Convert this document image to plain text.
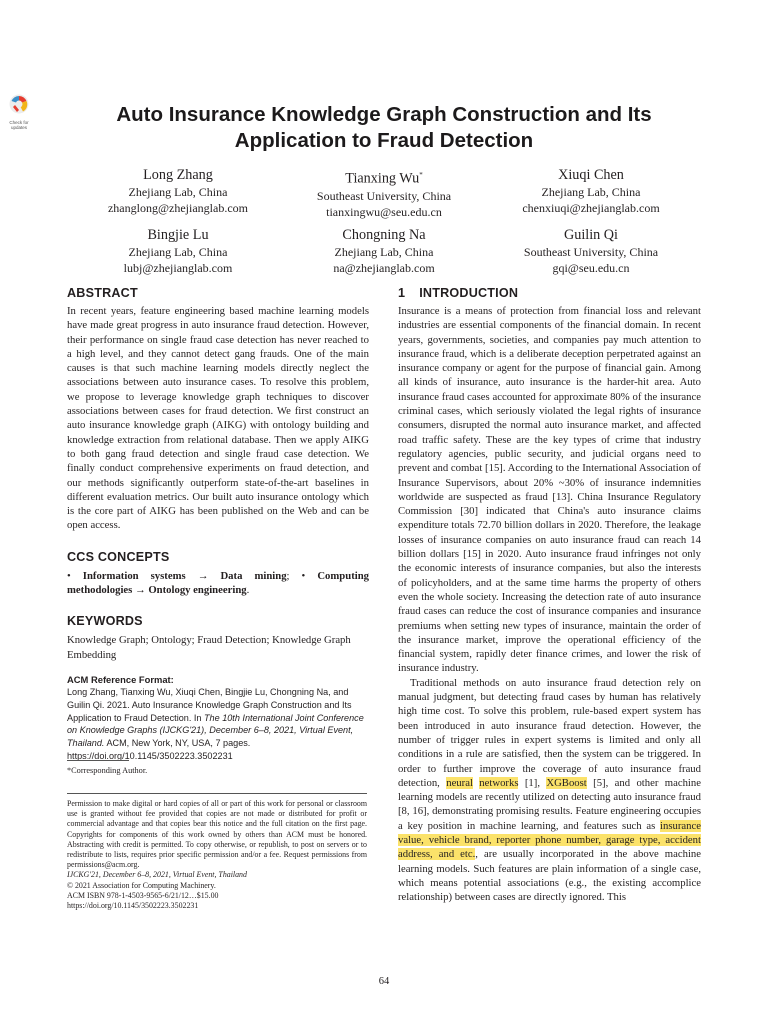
Check for
updates
Auto Insurance Knowledge Graph Construction and Its
Application to Fraud Detection
Long Zhang
Zhejiang Lab, China
zhanglong@zhejianglab.com
Tianxing Wu*
Southeast University, China
tianxingwu@seu.edu.cn
Xiuqi Chen
Zhejiang Lab, China
chenxiuqi@zhejianglab.com
Bingjie Lu
Zhejiang Lab, China
lubj@zhejianglab.com
Chongning Na
Zhejiang Lab, China
na@zhejianglab.com
Guilin Qi
Southeast University, China
gqi@seu.edu.cn
ABSTRACT

In recent years, feature engineering based machine learning models have made great progress in auto insurance fraud detection. However, their performance on single fraud case detection has never reached to a high level, and they cannot detect gang frauds. One of the main causes is that such machine learning models directly neglect the associations between auto insurance cases. To resolve this problem, we propose to leverage knowledge graph techniques to discover associations between cases for fraud detection. We first construct an auto insurance knowledge graph (AIKG) with ontology building and knowledge extraction from relational database. Then we apply AIKG to both gang fraud detection and single fraud case detection. We finally conduct comprehensive experiments on fraud detection, and our methods significantly outperform state-of-the-art baselines in different evaluation metrics. Our built auto insurance ontology which is the core part of AIKG has been published on the Web and can be open access.

CCS CONCEPTS

• Information systems → Data mining; • Computing methodologies → Ontology engineering.

KEYWORDS

Knowledge Graph; Ontology; Fraud Detection; Knowledge Graph Embedding

ACM Reference Format:

Long Zhang, Tianxing Wu, Xiuqi Chen, Bingjie Lu, Chongning Na, and Guilin Qi. 2021. Auto Insurance Knowledge Graph Construction and Its Application to Fraud Detection. In The 10th International Joint Conference on Knowledge Graphs (IJCKG'21), December 6–8, 2021, Virtual Event, Thailand. ACM, New York, NY, USA, 7 pages. https://doi.org/10.1145/3502223.3502231

*Corresponding Author.
Permission to make digital or hard copies of all or part of this work for personal or classroom use is granted without fee provided that copies are not made or distributed for profit or commercial advantage and that copies bear this notice and the full citation on the first page. Copyrights for components of this work owned by others than ACM must be honored. Abstracting with credit is permitted. To copy otherwise, or republish, to post on servers or to redistribute to lists, requires prior specific permission and/or a fee. Request permissions from permissions@acm.org.
IJCKG'21, December 6–8, 2021, Virtual Event, Thailand
© 2021 Association for Computing Machinery.
ACM ISBN 978-1-4503-9565-6/21/12…$15.00
https://doi.org/10.1145/3502223.3502231
1 INTRODUCTION

Insurance is a means of protection from financial loss and relevant industries are essential components of the financial domain. In recent years, governments, societies, and companies pay much attention to insurance fraud, which is a deliberate deception perpetrated against an insurance company or agent for the purpose of financial gain. Among all kinds of insurance, auto insurance is the harder-hit area. Auto insurance fraud cases accounted for approximate 80% of the insurance criminal cases, which seriously violated the legal rights of insurance consumers, disrupted the normal auto insurance market, and affected road traffic safety. These are the key types of crime that industry regulatory agencies, public security, and judicial organs need to prevent and combat [15]. According to the International Association of Insurance Supervisors, about 20% ~30% of insurance indemnities worldwide are suspected as fraud [13]. China Insurance Regulatory Commission [30] indicated that China's auto insurance claims expenditure totals 72.70 billion dollars in 2020. Therefore, the leakage losses of insurance companies on auto insurance fraud can reach 14 billion dollars [15] in 2020. Auto insurance fraud infringes not only the economic interests of insurance companies, but also the interests of policyholders, and at the same time harms the property of others even the whole society. Increasing the detection rate of auto insurance fraud cases can reduce the cost of insurance companies and insurance premiums when setting new types of insurance, maintain the order of the insurance market, improve the operational efficiency of the financial system, rapidly deter finance crimes, and lower the risk of insurance industry.

Traditional methods on auto insurance fraud detection rely on manual judgment, but detecting fraud cases by human has relatively high time cost. To solve this problem, rule-based expert system has been introduced in auto insurance fraud detection. However, the number of trigger rules in expert systems is limited and only all conditions in a rule are satisfied, then the system can be triggered. In order to further improve the coverage of auto insurance fraud detection, neural networks [1], XGBoost [5], and other machine learning models are recently utilized on detecting auto insurance fraud [8, 16], demonstrating promising results. Feature engineering occupies a key position in machine learning, and features such as insurance value, vehicle brand, reporter phone number, garage type, accident address, and etc., are usually incorporated in the above machine learning models. Such features are plain information of a single case, which means potential associations (e.g., the existing accomplice relationship) between cases are directly ignored. This

64
